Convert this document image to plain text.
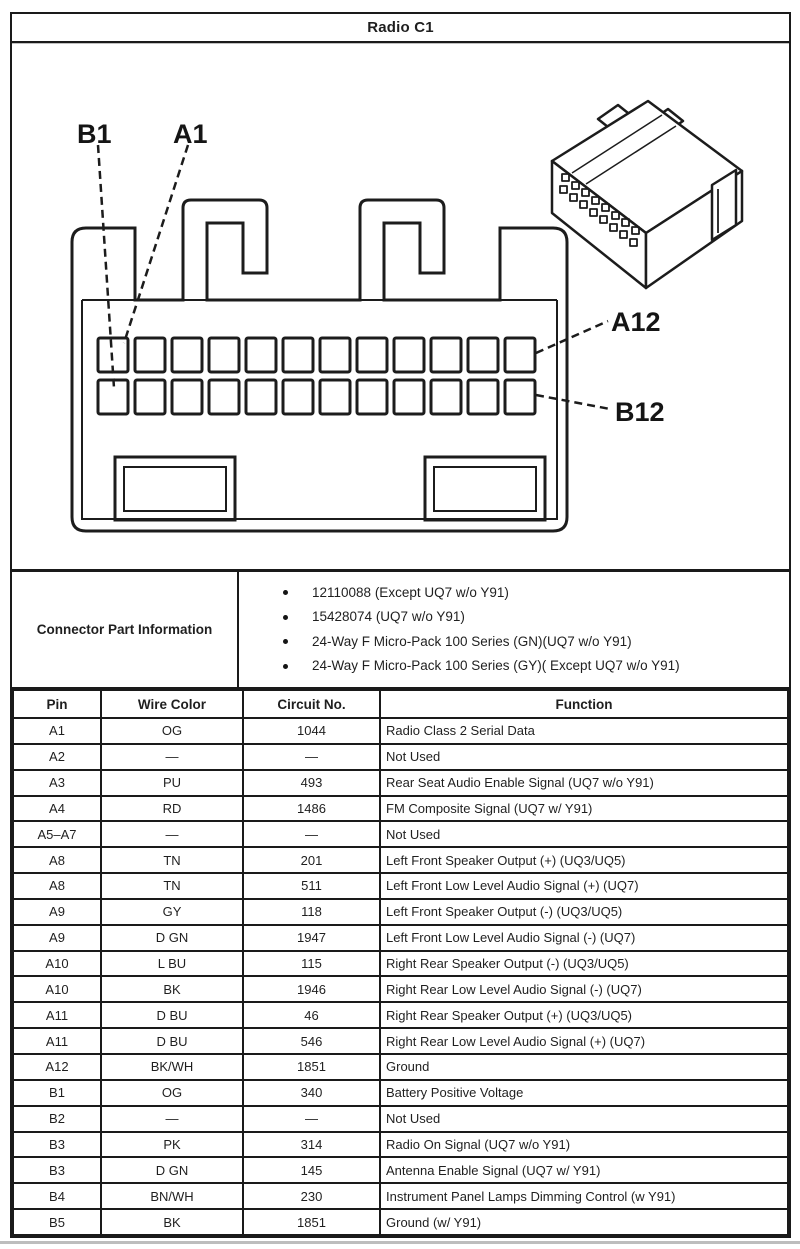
Radio C1
B1 A1
A12
B12
Connector Part Information
12110088 (Except UQ7 w/o Y91)
15428074 (UQ7 w/o Y91)
24-Way F Micro-Pack 100 Series (GN)(UQ7 w/o Y91)
24-Way F Micro-Pack 100 Series (GY)( Except UQ7 w/o Y91)
Pin	Wire Color	Circuit No.	Function
A1	OG	1044	Radio Class 2 Serial Data
A2	—	—	Not Used
A3	PU	493	Rear Seat Audio Enable Signal (UQ7 w/o Y91)
A4	RD	1486	FM Composite Signal (UQ7 w/ Y91)
A5–A7	—	—	Not Used
A8	TN	201	Left Front Speaker Output (+) (UQ3/UQ5)
A8	TN	511	Left Front Low Level Audio Signal (+) (UQ7)
A9	GY	118	Left Front Speaker Output (-) (UQ3/UQ5)
A9	D GN	1947	Left Front Low Level Audio Signal (-) (UQ7)
A10	L BU	115	Right Rear Speaker Output (-) (UQ3/UQ5)
A10	BK	1946	Right Rear Low Level Audio Signal (-) (UQ7)
A11	D BU	46	Right Rear Speaker Output (+) (UQ3/UQ5)
A11	D BU	546	Right Rear Low Level Audio Signal (+) (UQ7)
A12	BK/WH	1851	Ground
B1	OG	340	Battery Positive Voltage
B2	—	—	Not Used
B3	PK	314	Radio On Signal (UQ7 w/o Y91)
B3	D GN	145	Antenna Enable Signal (UQ7 w/ Y91)
B4	BN/WH	230	Instrument Panel Lamps Dimming Control (w Y91)
B5	BK	1851	Ground (w/ Y91)
